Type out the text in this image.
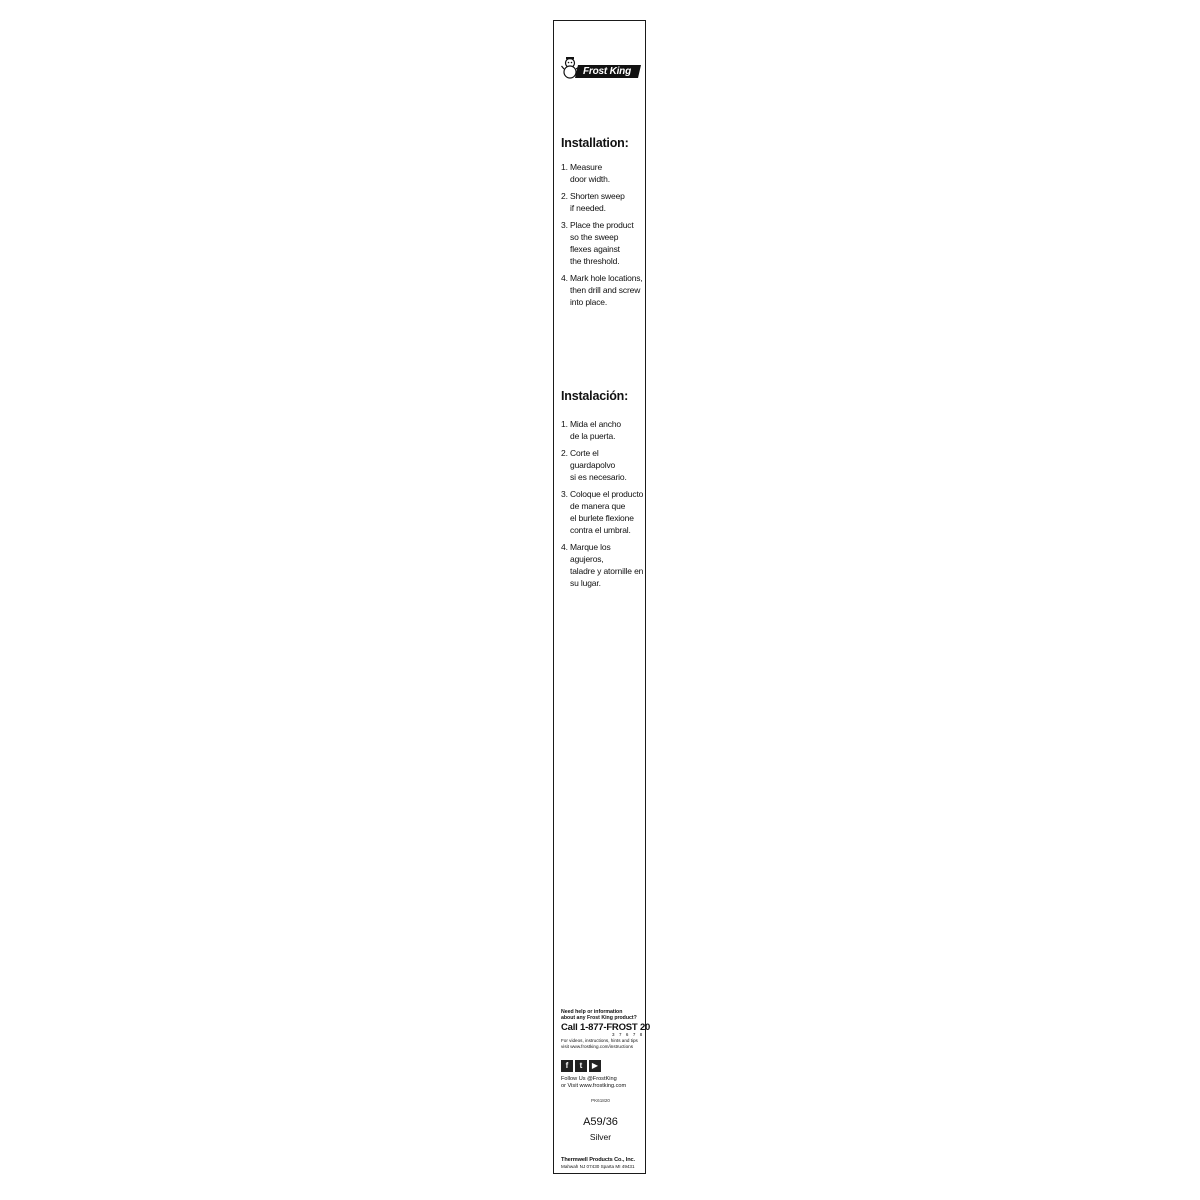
Frost King
Installation:
1. Measure
door width.
2. Shorten sweep
if needed.
3. Place the product
so the sweep
flexes against
the threshold.
4. Mark hole locations,
then drill and screw
into place.
Instalación:
1. Mida el ancho
de la puerta.
2. Corte el guardapolvo
si es necesario.
3. Coloque el producto
de manera que
el burlete flexione
contra el umbral.
4. Marque los agujeros,
taladre y atornille en
su lugar.
Need help or information
about any Frost King product?
Call 1-877-FROST 20
3 7 6 7 8
For videos, instructions, hints and tips
visit www.frostking.com/instructions
f	t	▶
Follow Us @FrostKing
or Visit www.frostking.com
PK61820
A59/36
Silver
Thermwell Products Co., Inc.
Mahwah NJ 07430 Sparta MI 49431
